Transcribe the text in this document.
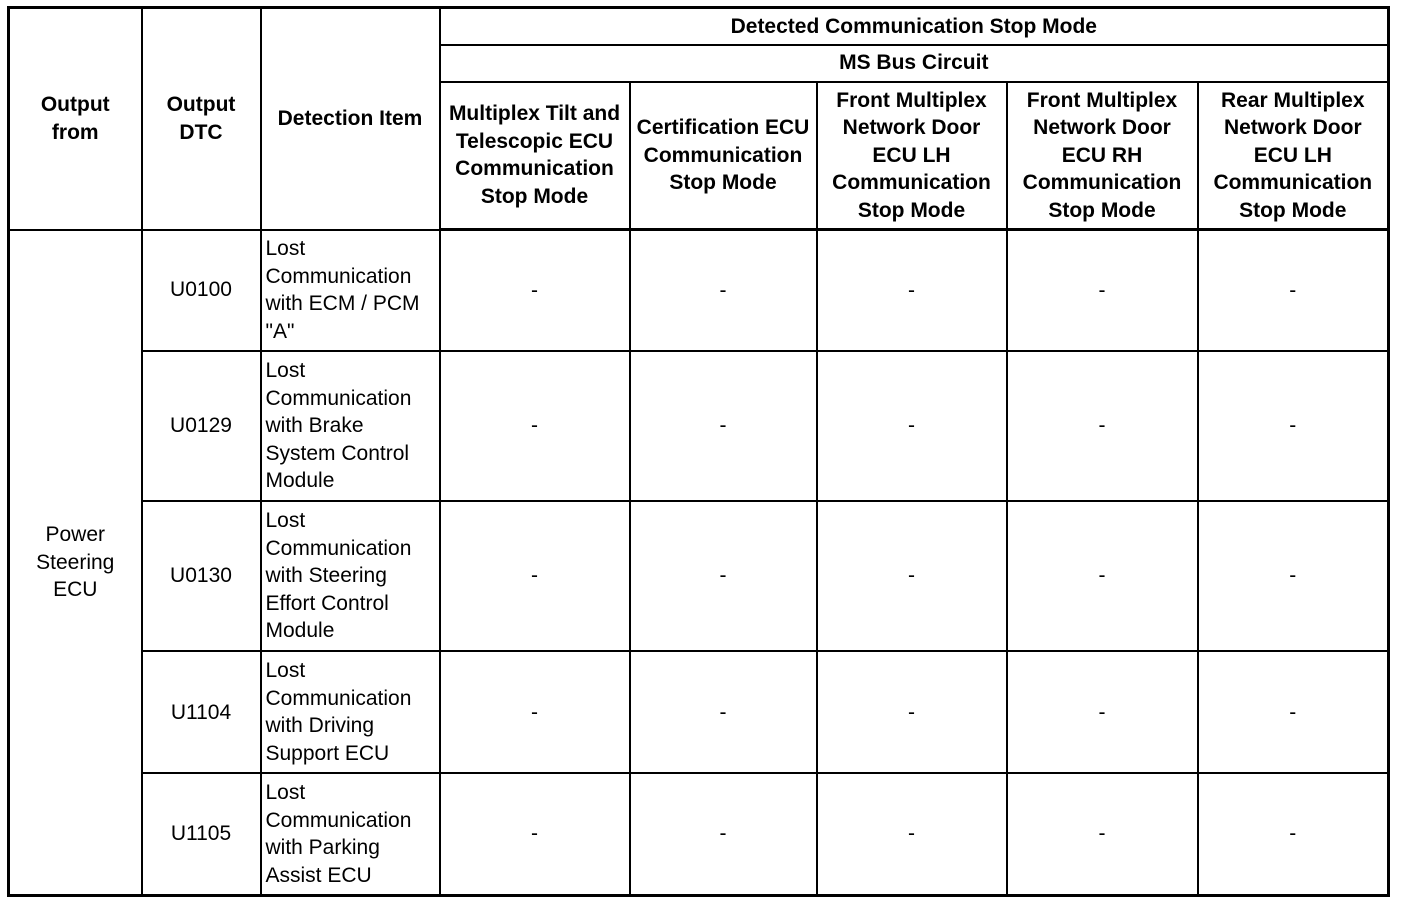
Output from	Output DTC	Detection Item	Detected Communication Stop Mode				
			MS Bus Circuit				
			Multiplex Tilt and Telescopic ECU Communication Stop Mode	Certification ECU Communication Stop Mode	Front Multiplex Network Door ECU LH Communication Stop Mode	Front Multiplex Network Door ECU RH Communication Stop Mode	Rear Multiplex Network Door ECU LH Communication Stop Mode
Power Steering ECU	U0100	Lost Communication with ECM / PCM "A"	-	-	-	-	-
	U0129	Lost Communication with Brake System Control Module	-	-	-	-	-
	U0130	Lost Communication with Steering Effort Control Module	-	-	-	-	-
	U1104	Lost Communication with Driving Support ECU	-	-	-	-	-
	U1105	Lost Communication with Parking Assist ECU	-	-	-	-	-
